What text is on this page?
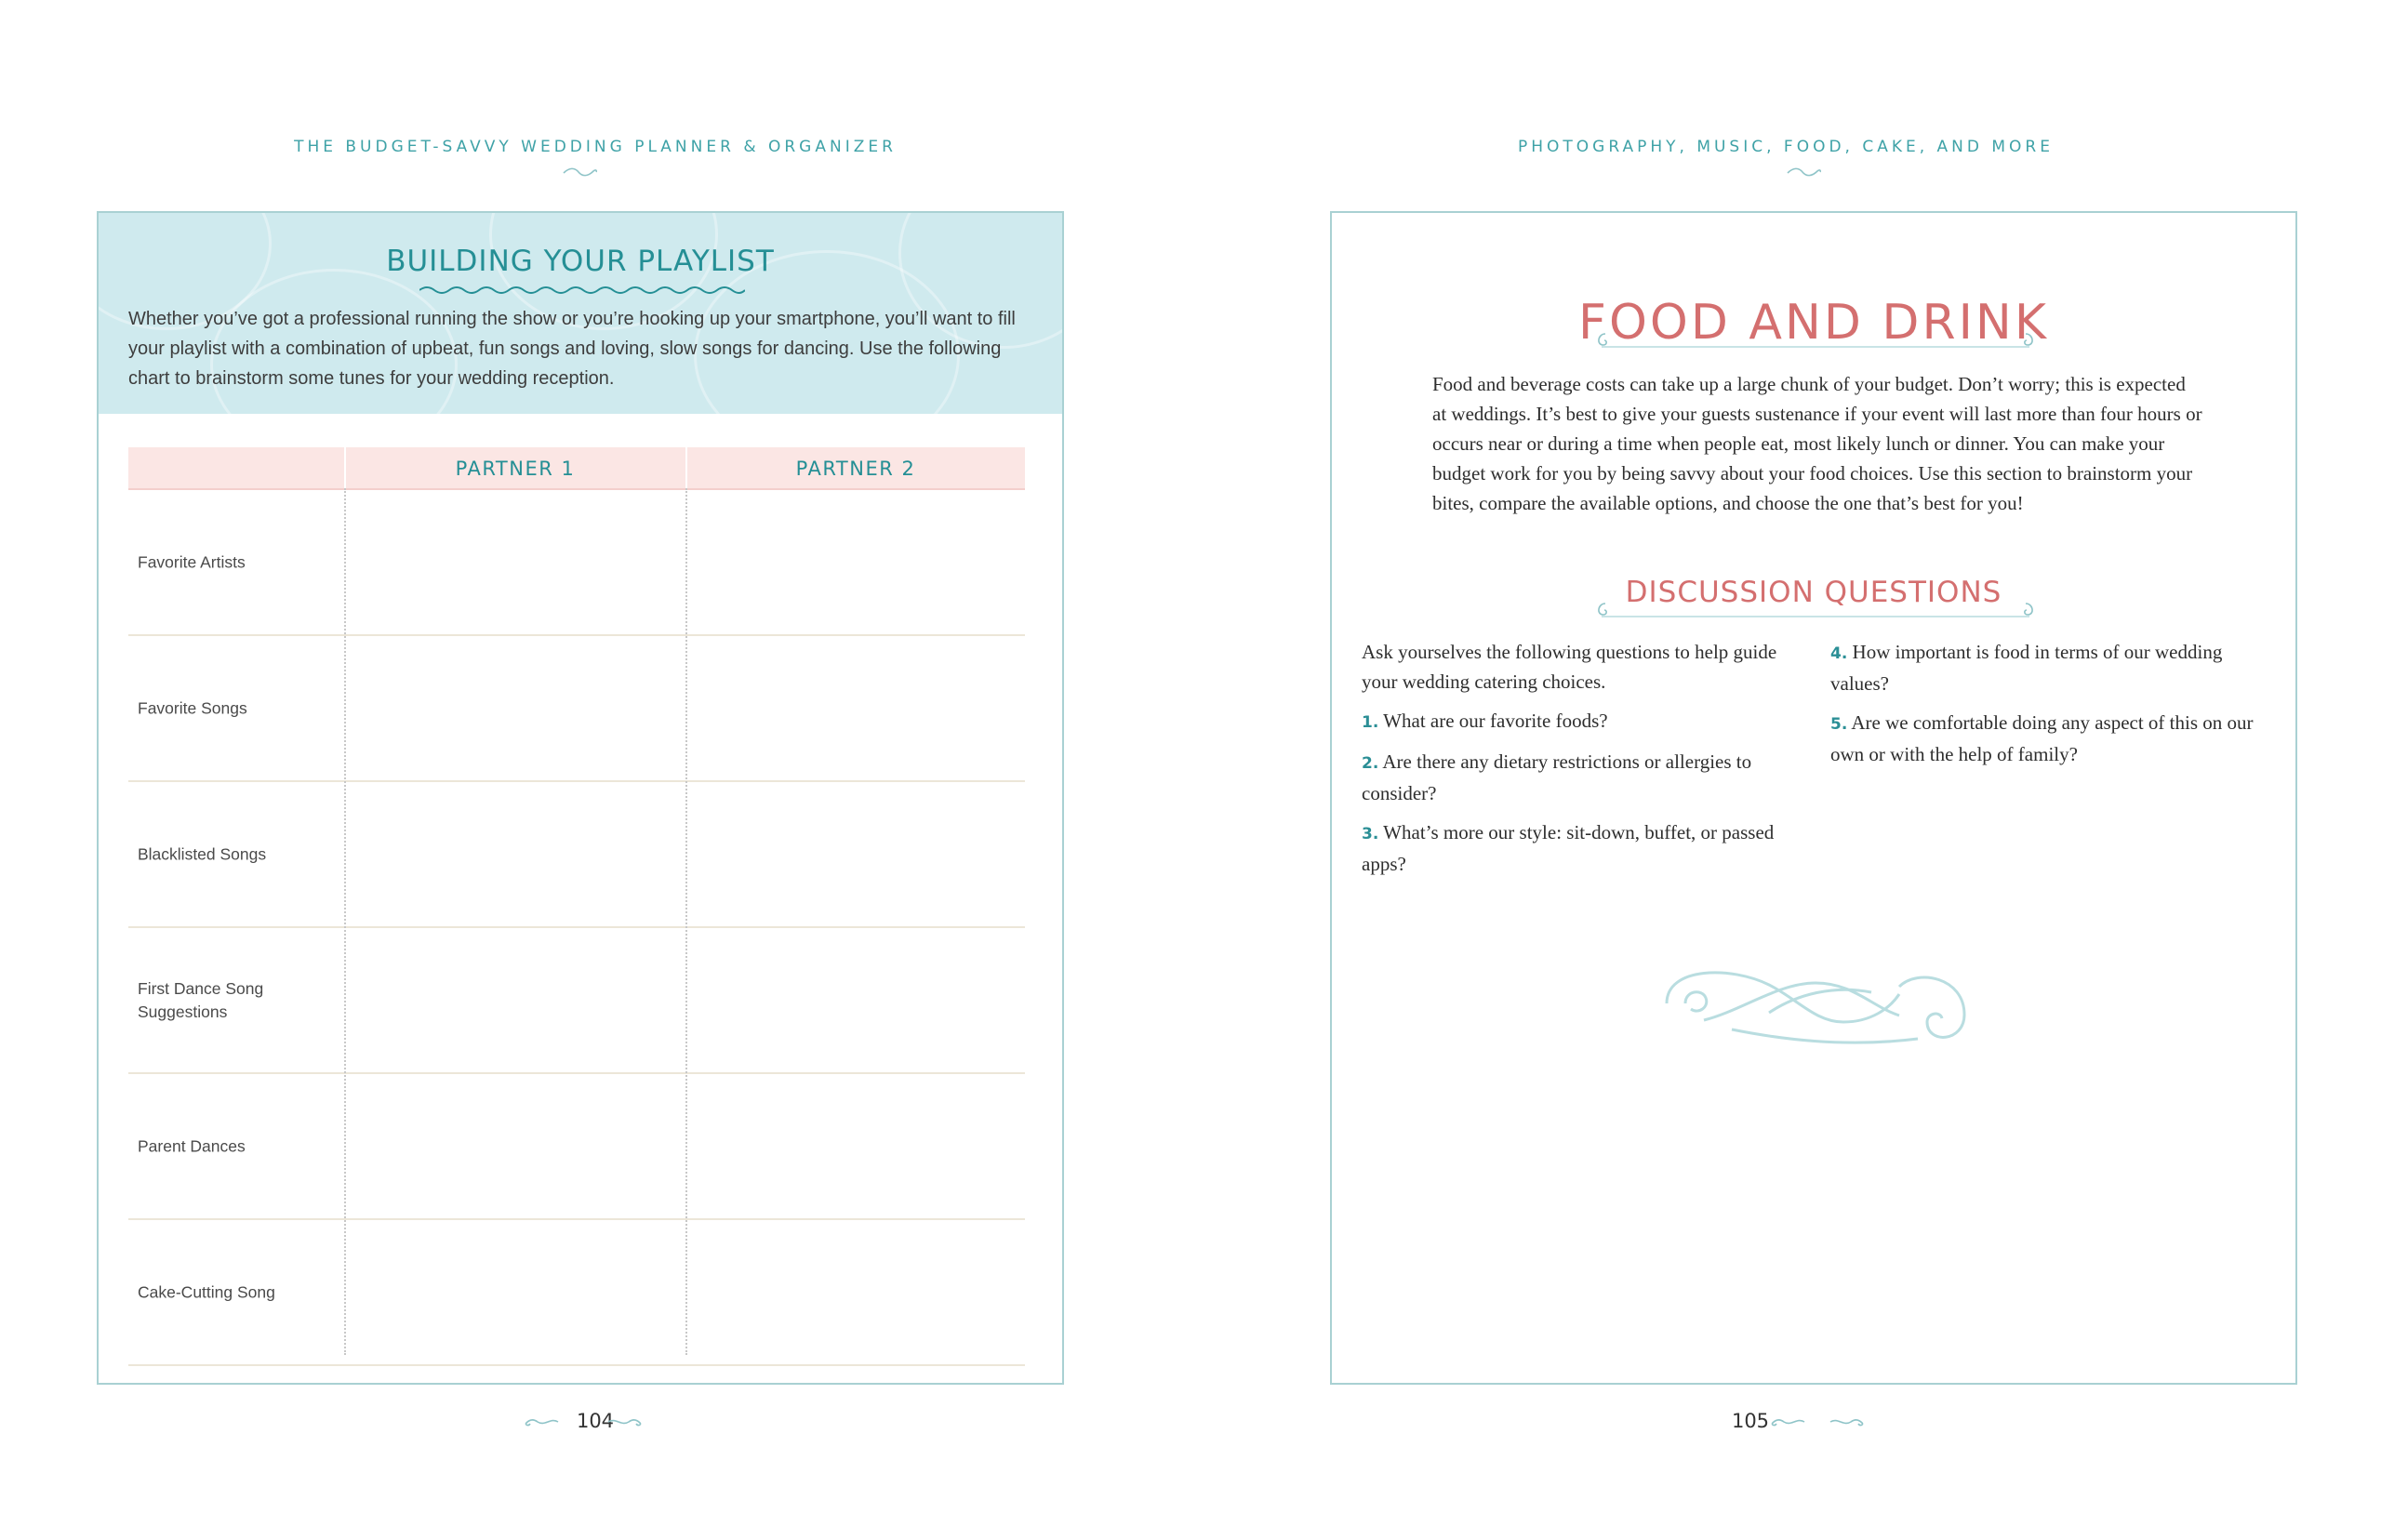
THE BUDGET-SAVVY WEDDING PLANNER & ORGANIZER
BUILDING YOUR PLAYLIST
Whether you’ve got a professional running the show or you’re hooking up your smartphone, you’ll want to fill your playlist with a combination of upbeat, fun songs and loving, slow songs for dancing. Use the following chart to brainstorm some tunes for your wedding reception.
PARTNER 1	PARTNER 2
Favorite Artists
Favorite Songs
Blacklisted Songs
First Dance Song Suggestions
Parent Dances
Cake-Cutting Song
104
PHOTOGRAPHY, MUSIC, FOOD, CAKE, AND MORE
FOOD AND DRINK
Food and beverage costs can take up a large chunk of your budget. Don’t worry; this is expected at weddings. It’s best to give your guests sustenance if your event will last more than four hours or occurs near or during a time when people eat, most likely lunch or dinner. You can make your budget work for you by being savvy about your food choices. Use this section to brainstorm your bites, compare the available options, and choose the one that’s best for you!
DISCUSSION QUESTIONS

Ask yourselves the following questions to help guide your wedding catering choices.

1. What are our favorite foods?

2. Are there any dietary restrictions or allergies to consider?

3. What’s more our style: sit-down, buffet, or passed apps?

4. How important is food in terms of our wedding values?

5. Are we comfortable doing any aspect of this on our own or with the help of family?

105
